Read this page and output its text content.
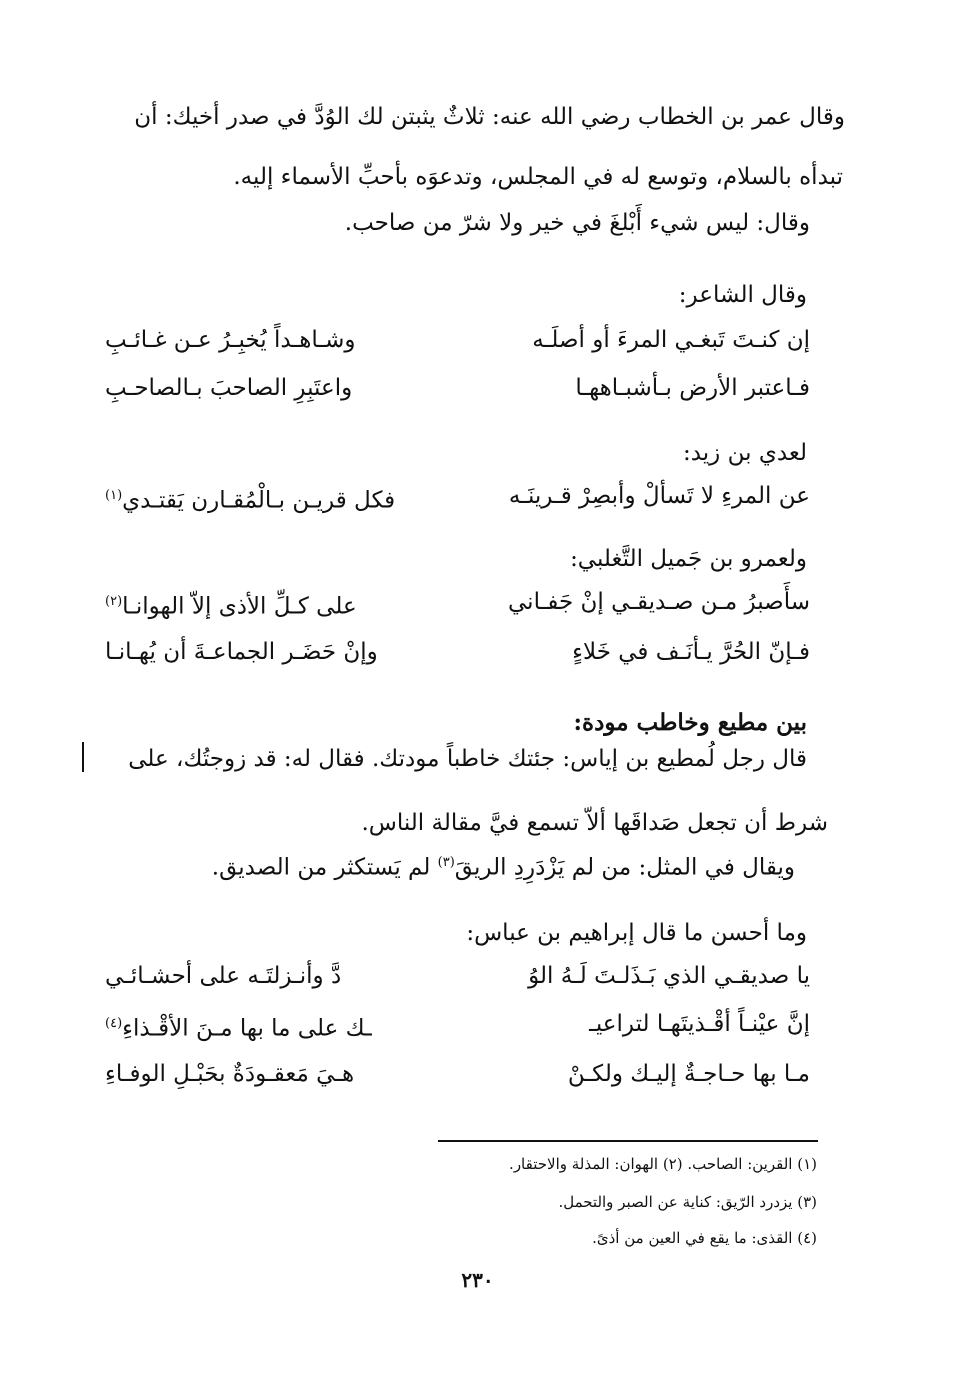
وقال عمر بن الخطاب رضي الله عنه: ثلاثٌ يثبتن لك الوُدَّ في صدر أخيك: أن
تبدأه بالسلام، وتوسع له في المجلس، وتدعوَه بأحبِّ الأسماء إليه.
وقال: ليس شيء أَبْلغَ في خير ولا شرّ من صاحب.
وقال الشاعر:
إن كنـتَ تَبغـي المرءَ أو أصلَـه
وشـاهـداً يُخبِـرُ عـن غـائـبِ
فـاعتبر الأرض بـأشبـاههـا
واعتَبِرِ الصاحبَ بـالصاحـبِ
لعدي بن زيد:
عن المرءِ لا تَسألْ وأبصِرْ قـرينَـه
فكل قريـن بـالْمُقـارن يَقتـدي$^{(١)}$
ولعمرو بن جَميل التَّغلبي:
سأَصبرُ مـن صـديقـي إنْ جَفـاني
على كـلِّ الأذى إلاّ الهوانـا$^{(٢)}$
فـإنّ الحُرَّ يـأنَـف في خَلاءٍ
وإنْ حَضَـر الجماعـةَ أن يُهـانـا
بين مطيع وخاطب مودة:
قال رجل لُمطيع بن إياس: جئتك خاطباً مودتك. فقال له: قد زوجتُك، على
شرط أن تجعل صَداقَها ألاّ تسمع فيَّ مقالة الناس.
ويقال في المثل: من لم يَزْدَرِدِ الريقَ$^{(٣)}$ لم يَستكثر من الصديق.
وما أحسن ما قال إبراهيم بن عباس:
يا صديقـي الذي بَـذَلـتَ لَـهُ الوُ
دَّ وأنـزلتَـه على أحشـائـي
إنَّ عيْنـاً أقْـذيتَهـا لتراعيـ
ـك على ما بها مـنَ الأقْـذاءِ$^{(٤)}$
مـا بها حـاجـةٌ إليـك ولكـنْ
هـيَ مَعقـودَةٌ بحَبْـلِ الوفـاءِ
(١) القرين: الصاحب. (٢) الهوان: المذلة والاحتقار.
(٣) يزدرد الرّيق: كناية عن الصبر والتحمل.
(٤) القذى: ما يقع في العين من أذىً.
٢٣٠
